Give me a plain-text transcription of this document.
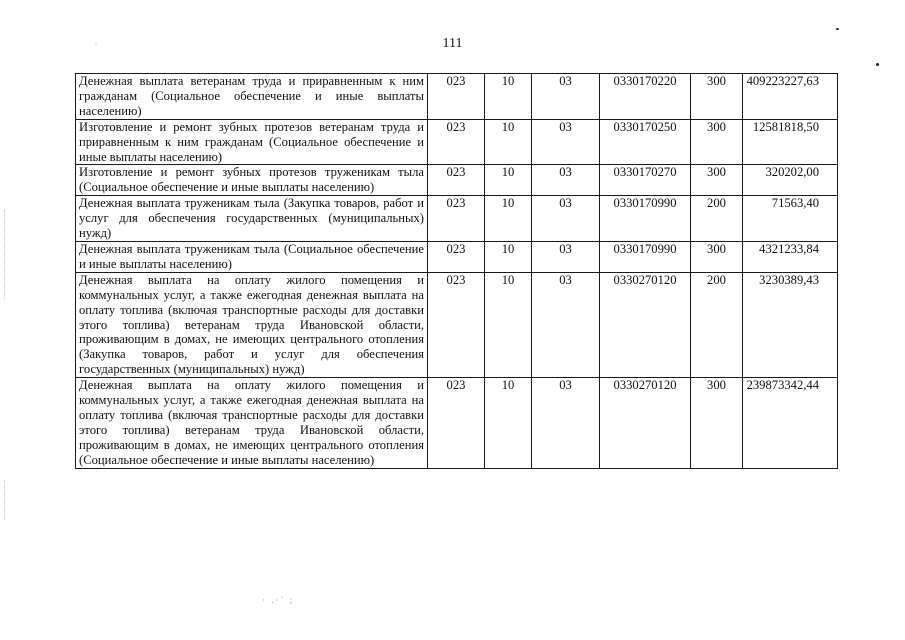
111
· .·` ;
Денежная выплата ветеранам труда и приравненным к ним гражданам (Социальное обеспечение и иные выплаты населению)	023	10	03	0330170220	300	409223227,63
Изготовление и ремонт зубных протезов ветеранам труда и приравненным к ним гражданам (Социальное обеспечение и иные выплаты населению)	023	10	03	0330170250	300	12581818,50
Изготовление и ремонт зубных протезов труженикам тыла (Социальное обеспечение и иные выплаты населению)	023	10	03	0330170270	300	320202,00
Денежная выплата труженикам тыла (Закупка товаров, работ и услуг для обеспечения государственных (муниципальных) нужд)	023	10	03	0330170990	200	71563,40
Денежная выплата труженикам тыла (Социальное обеспечение и иные выплаты населению)	023	10	03	0330170990	300	4321233,84
Денежная выплата на оплату жилого помещения и коммунальных услуг, а также ежегодная денежная выплата на оплату топлива (включая транспортные расходы для доставки этого топлива) ветеранам труда Ивановской области, проживающим в домах, не имеющих центрального отопления (Закупка товаров, работ и услуг для обеспечения государственных (муниципальных) нужд)	023	10	03	0330270120	200	3230389,43
Денежная выплата на оплату жилого помещения и коммунальных услуг, а также ежегодная денежная выплата на оплату топлива (включая транспортные расходы для доставки этого топлива) ветеранам труда Ивановской области, проживающим в домах, не имеющих центрального отопления (Социальное обеспечение и иные выплаты населению)	023	10	03	0330270120	300	239873342,44
